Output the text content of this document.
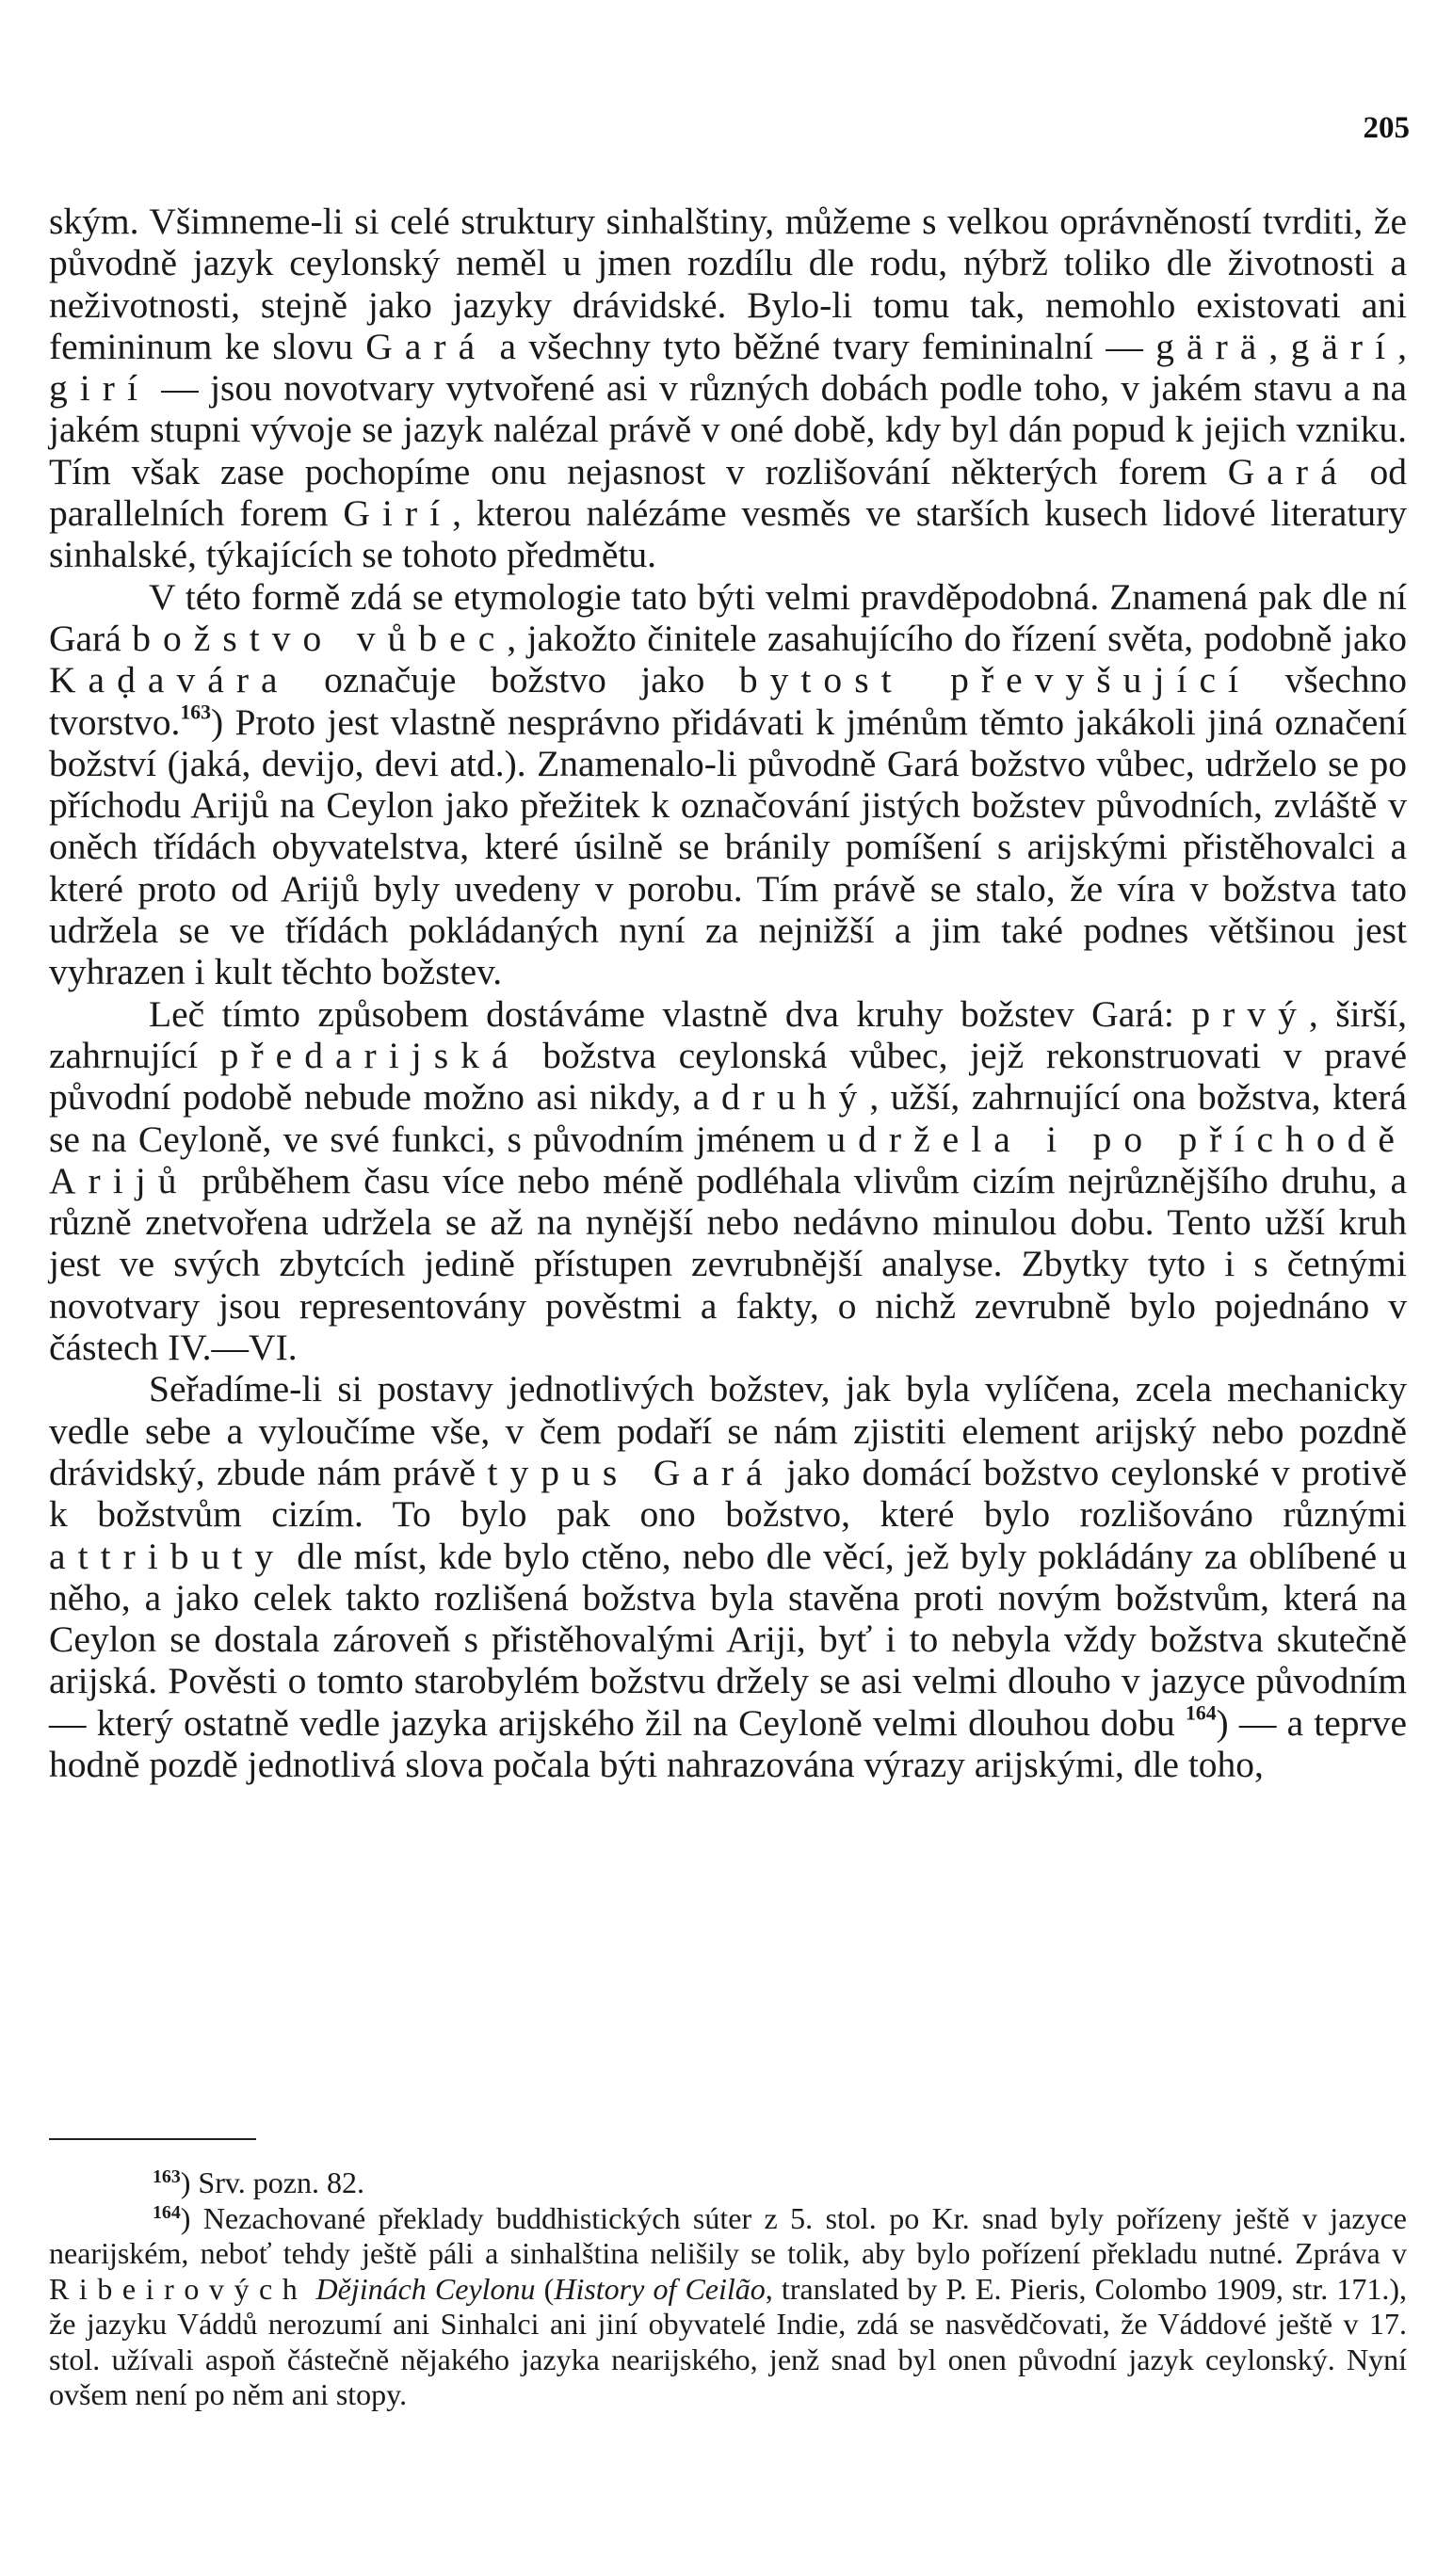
205

ským. Všimneme-li si celé struktury sinhalštiny, můžeme s velkou oprávněností tvrditi, že původně jazyk ceylonský neměl u jmen rozdílu dle rodu, nýbrž toliko dle životnosti a neživotnosti, stejně jako jazyky drávidské. Bylo-li tomu tak, nemohlo existovati ani femininum ke slovu Gará a všechny tyto běžné tvary femininalní — gärä, gärí, girí — jsou novotvary vytvořené asi v různých dobách podle toho, v jakém stavu a na jakém stupni vývoje se jazyk nalézal právě v oné době, kdy byl dán popud k jejich vzniku. Tím však zase pochopíme onu nejasnost v rozlišování některých forem Gará od parallelních forem Girí, kterou nalézáme vesměs ve starších kusech lidové literatury sinhalské, týkajících se tohoto předmětu.

V této formě zdá se etymologie tato býti velmi pravděpodobná. Znamená pak dle ní Gará božstvo vůbec, jakožto činitele zasahujícího do řízení světa, podobně jako Kaḍavára označuje božstvo jako bytost převyšující všechno tvorstvo.$^{163}$) Proto jest vlastně nesprávno přidávati k jménům těmto jakákoli jiná označení božství (jaká, devijo, devi atd.). Znamenalo-li původně Gará božstvo vůbec, udrželo se po příchodu Arijů na Ceylon jako přežitek k označování jistých božstev původních, zvláště v oněch třídách obyvatelstva, které úsilně se bránily pomíšení s arijskými přistěhovalci a které proto od Arijů byly uvedeny v porobu. Tím právě se stalo, že víra v božstva tato udržela se ve třídách pokládaných nyní za nejnižší a jim také podnes většinou jest vyhrazen i kult těchto božstev.

Leč tímto způsobem dostáváme vlastně dva kruhy božstev Gará: prvý, širší, zahrnující předarijská božstva ceylonská vůbec, jejž rekonstruovati v pravé původní podobě nebude možno asi nikdy, a druhý, užší, zahrnující ona božstva, která se na Ceyloně, ve své funkci, s původním jménem udržela i po příchodě Arijů průběhem času více nebo méně podléhala vlivům cizím nejrůznějšího druhu, a různě znetvořena udržela se až na nynější nebo nedávno minulou dobu. Tento užší kruh jest ve svých zbytcích jedině přístupen zevrubnější analyse. Zbytky tyto i s četnými novotvary jsou representovány pověstmi a fakty, o nichž zevrubně bylo pojednáno v částech IV.—VI.

Seřadíme-li si postavy jednotlivých božstev, jak byla vylíčena, zcela mechanicky vedle sebe a vyloučíme vše, v čem podaří se nám zjistiti element arijský nebo pozdně drávidský, zbude nám právě typus Gará jako domácí božstvo ceylonské v protivě k božstvům cizím. To bylo pak ono božstvo, které bylo rozlišováno různými attributy dle míst, kde bylo ctěno, nebo dle věcí, jež byly pokládány za oblíbené u něho, a jako celek takto rozlišená božstva byla stavěna proti novým božstvům, která na Ceylon se dostala zároveň s přistěhovalými Ariji, byť i to nebyla vždy božstva skutečně arijská. Pověsti o tomto starobylém božstvu držely se asi velmi dlouho v jazyce původním — který ostatně vedle jazyka arijského žil na Ceyloně velmi dlouhou dobu $^{164}$) — a teprve hodně pozdě jednotlivá slova počala býti nahrazována výrazy arijskými, dle toho,

$^{163}$) Srv. pozn. 82.

$^{164}$) Nezachované překlady buddhistických súter z 5. stol. po Kr. snad byly pořízeny ještě v jazyce nearijském, neboť tehdy ještě páli a sinhalština nelišily se tolik, aby bylo pořízení překladu nutné. Zpráva v Ribeirových Dějinách Ceylonu (History of Ceilão, translated by P. E. Pieris, Colombo 1909, str. 171.), že jazyku Váddů nerozumí ani Sinhalci ani jiní obyvatelé Indie, zdá se nasvědčovati, že Váddové ještě v 17. stol. užívali aspoň částečně nějakého jazyka nearijského, jenž snad byl onen původní jazyk ceylonský. Nyní ovšem není po něm ani stopy.
